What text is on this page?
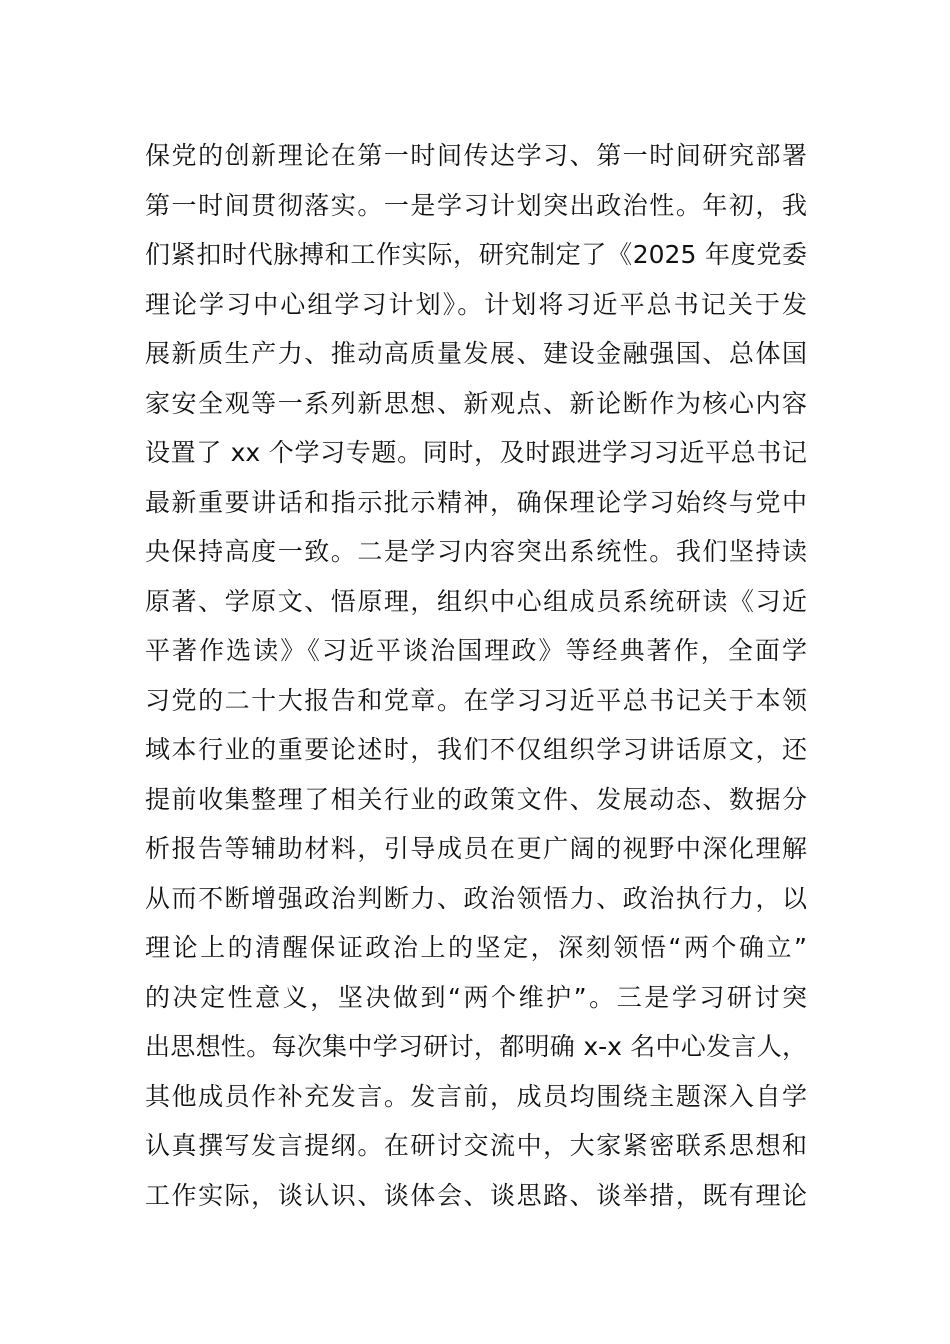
保党的创新理论在第一时间传达学习、第一时间研究部署
第一时间贯彻落实。一是学习计划突出政治性。年初，我
们紧扣时代脉搏和工作实际，研究制定了《2025 年度党委
理论学习中心组学习计划》。计划将习近平总书记关于发
展新质生产力、推动高质量发展、建设金融强国、总体国
家安全观等一系列新思想、新观点、新论断作为核心内容
设置了 xx 个学习专题。同时，及时跟进学习习近平总书记
最新重要讲话和指示批示精神，确保理论学习始终与党中
央保持高度一致。二是学习内容突出系统性。我们坚持读
原著、学原文、悟原理，组织中心组成员系统研读《习近
平著作选读》《习近平谈治国理政》等经典著作，全面学
习党的二十大报告和党章。在学习习近平总书记关于本领
域本行业的重要论述时，我们不仅组织学习讲话原文，还
提前收集整理了相关行业的政策文件、发展动态、数据分
析报告等辅助材料，引导成员在更广阔的视野中深化理解
从而不断增强政治判断力、政治领悟力、政治执行力，以
理论上的清醒保证政治上的坚定，深刻领悟“两个确立”
的决定性意义，坚决做到“两个维护”。三是学习研讨突
出思想性。每次集中学习研讨，都明确 x-x 名中心发言人，
其他成员作补充发言。发言前，成员均围绕主题深入自学
认真撰写发言提纲。在研讨交流中，大家紧密联系思想和
工作实际，谈认识、谈体会、谈思路、谈举措，既有理论
